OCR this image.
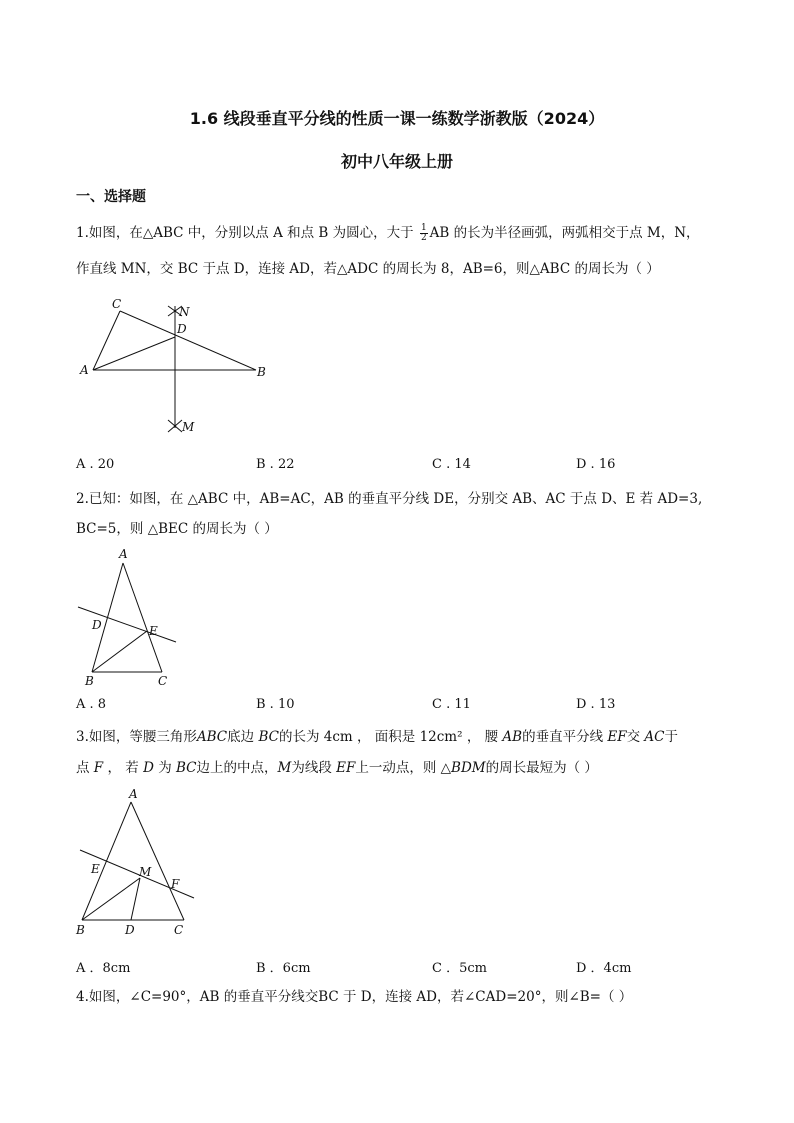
1.6 线段垂直平分线的性质一课一练数学浙教版（2024）
初中八年级上册
一、选择题
1.如图，在△ABC 中，分别以点 A 和点 B 为圆心，大于 $\frac{1}{2}$ AB 的长为半径画弧，两弧相交于点 M，N，
作直线 MN，交 BC 于点 D，连接 AD，若△ADC 的周长为 8，AB=6，则△ABC 的周长为（ ）
C
N
D
A	B
M
A . 20	B . 22	C . 14	D . 16
2.已知：如图，在 △ABC 中，AB=AC，AB 的垂直平分线 DE，分别交 AB、AC 于点 D、E 若 AD=3,
BC=5，则 △BEC 的周长为（ ）
A
D	E
B	C
A . 8	B . 10	C . 11	D . 13
3.如图，等腰三角形ABC底边 BC的长为 4cm ， 面积是 12cm² ， 腰 AB的垂直平分线 EF交 AC于
点 F ， 若 D 为 BC边上的中点，M为线段 EF上一动点，则 △BDM的周长最短为（ ）
A
E	M
F
B	D	C
A ．8cm	B ．6cm	C ．5cm	D ．4cm
4.如图，∠C=90°，AB 的垂直平分线交BC 于 D，连接 AD，若∠CAD=20°，则∠B=（ ）
